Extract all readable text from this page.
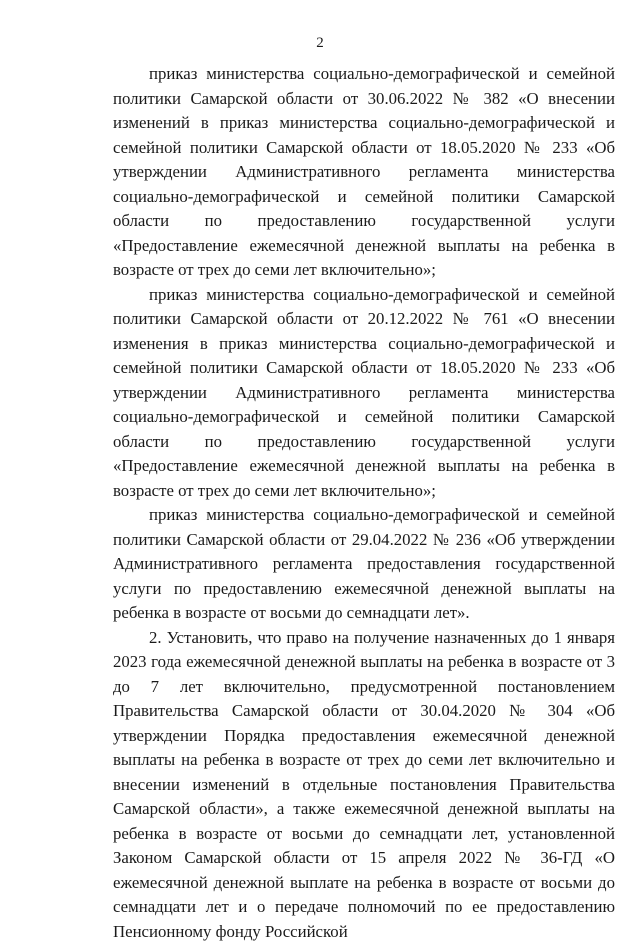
2

приказ министерства социально-демографической и семейной политики Самарской области от 30.06.2022 № 382 «О внесении изменений в приказ министерства социально-демографической и семейной политики Самарской области от 18.05.2020 № 233 «Об утверждении Административного регламента министерства социально-демографической и семейной политики Самарской области по предоставлению государственной услуги «Предоставление ежемесячной денежной выплаты на ребенка в возрасте от трех до семи лет включительно»;

приказ министерства социально-демографической и семейной политики Самарской области от 20.12.2022 № 761 «О внесении изменения в приказ министерства социально-демографической и семейной политики Самарской области от 18.05.2020 № 233 «Об утверждении Административного регламента министерства социально-демографической и семейной политики Самарской области по предоставлению государственной услуги «Предоставление ежемесячной денежной выплаты на ребенка в возрасте от трех до семи лет включительно»;

приказ министерства социально-демографической и семейной политики Самарской области от 29.04.2022 № 236 «Об утверждении Административного регламента предоставления государственной услуги по предоставлению ежемесячной денежной выплаты на ребенка в возрасте от восьми до семнадцати лет».

2. Установить, что право на получение назначенных до 1 января 2023 года ежемесячной денежной выплаты на ребенка в возрасте от 3 до 7 лет включительно, предусмотренной постановлением Правительства Самарской области от 30.04.2020 № 304 «Об утверждении Порядка предоставления ежемесячной денежной выплаты на ребенка в возрасте от трех до семи лет включительно и внесении изменений в отдельные постановления Правительства Самарской области», а также ежемесячной денежной выплаты на ребенка в возрасте от восьми до семнадцати лет, установленной Законом Самарской области от 15 апреля 2022 № 36-ГД «О ежемесячной денежной выплате на ребенка в возрасте от восьми до семнадцати лет и о передаче полномочий по ее предоставлению Пенсионному фонду Российской
